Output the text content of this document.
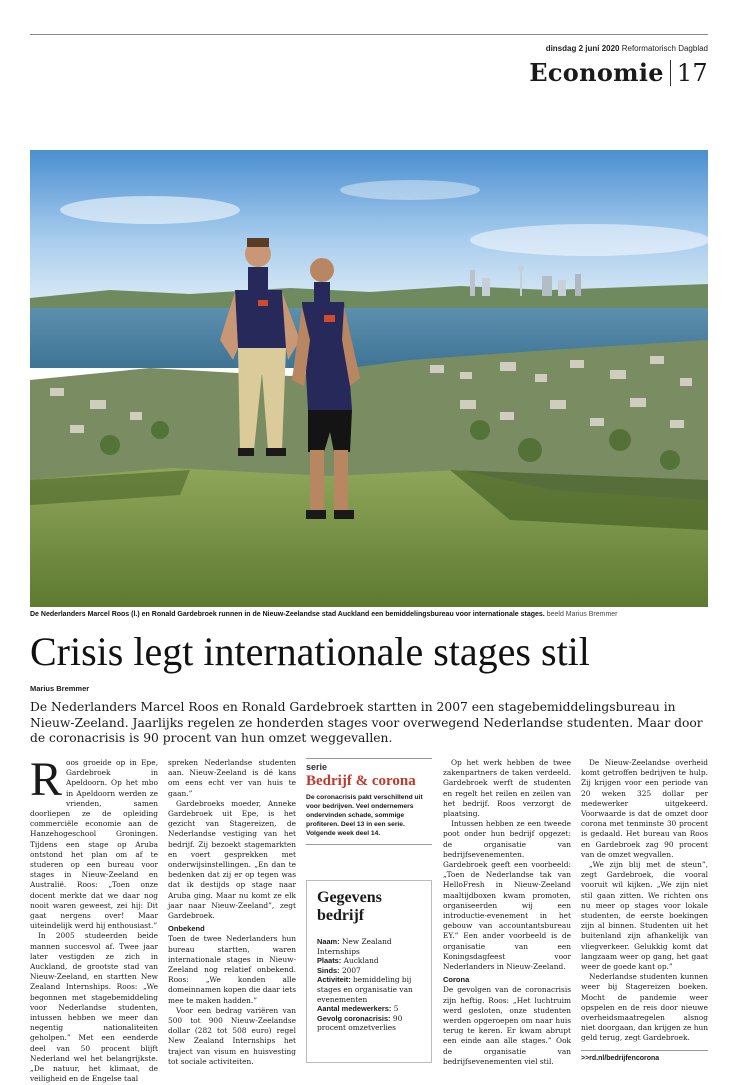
dinsdag 2 juni 2020 Reformatorisch Dagblad
Economie 17
De Nederlanders Marcel Roos (l.) en Ronald Gardebroek runnen in de Nieuw-Zeelandse stad Auckland een bemiddelingsbureau voor internationale stages. beeld Marius Bremmer
Crisis legt internationale stages stil
Marius Bremmer
De Nederlanders Marcel Roos en Ronald Gardebroek startten in 2007 een stagebemiddelingsbureau in Nieuw-Zeeland. Jaarlijks regelen ze honderden stages voor overwegend Nederlandse studenten. Maar door de coronacrisis is 90 procent van hun omzet weggevallen.

Roos groeide op in Epe, Gardebroek in Apeldoorn. Op het mbo in Apeldoorn werden ze vrienden, samen doorliepen ze de opleiding commerciële economie aan de Hanzehogeschool Groningen. Tijdens een stage op Aruba ontstond het plan om af te studeren op een bureau voor stages in Nieuw-Zeeland en Australië. Roos: „Toen onze docent merkte dat we daar nog nooit waren geweest, zei hij: Dit gaat nergens over! Maar uiteindelijk werd hij enthousiast.”

In 2005 studeerden beide mannen succesvol af. Twee jaar later vestigden ze zich in Auckland, de grootste stad van Nieuw-Zeeland, en startten New Zealand Internships. Roos: „We begonnen met stagebemiddeling voor Nederlandse studenten, intussen hebben we meer dan negentig nationaliteiten geholpen.” Met een eenderde deel van 50 procent blijft Nederland wel het belangrijkste. „De natuur, het klimaat, de veiligheid en de Engelse taal

spreken Nederlandse studenten aan. Nieuw-Zeeland is dé kans om eens echt ver van huis te gaan.”

Gardebroeks moeder, Anneke Gardebroek uit Epe, is het gezicht van Stagereizen, de Nederlandse vestiging van het bedrijf. Zij bezoekt stagemarkten en voert gesprekken met onderwijsinstellingen. „En dan te bedenken dat zij er op tegen was dat ik destijds op stage naar Aruba ging. Maar nu komt ze elk jaar naar Nieuw-Zeeland”, zegt Gardebroek.

Onbekend

Toen de twee Nederlanders hun bureau startten, waren internationale stages in Nieuw-Zeeland nog relatief onbekend. Roos: „We konden alle domeinnamen kopen die daar iets mee te maken hadden.”

Voor een bedrag variëren van 500 tot 900 Nieuw-Zeelandse dollar (282 tot 508 euro) regel New Zealand Internships het traject van visum en huisvesting tot sociale activiteiten.

serie
Bedrijf & corona
De coronacrisis pakt verschillend uit voor bedrijven. Veel ondernemers ondervinden schade, sommige profiteren. Deel 13 in een serie. Volgende week deel 14.
Gegevens bedrijf
Naam: New Zealand Internships
Plaats: Auckland
Sinds: 2007
Activiteit: bemiddeling bij stages en organisatie van evenementen
Aantal medewerkers: 5
Gevolg coronacrisis: 90 procent omzetverlies

Op het werk hebben de twee zakenpartners de taken verdeeld. Gardebroek werft de studenten en regelt het reilen en zeilen van het bedrijf. Roos verzorgt de plaatsing.

Intussen hebben ze een tweede poot onder hun bedrijf opgezet: de organisatie van bedrijfsevenementen. Gardebroek geeft een voorbeeld: „Toen de Nederlandse tak van HelloFresh in Nieuw-Zeeland maaltijdboxen kwam promoten, organiseerden wij een introductie-evenement in het gebouw van accountantsbureau EY.” Een ander voorbeeld is de organisatie van een Koningsdagfeest voor Nederlanders in Nieuw-Zeeland.

Corona

De gevolgen van de coronacrisis zijn heftig. Roos: „Het luchtruim werd gesloten, onze studenten werden opgeroepen om naar huis terug te keren. Er kwam abrupt een einde aan alle stages.” Ook de organisatie van bedrijfsevenementen viel stil.

De Nieuw-Zeelandse overheid komt getroffen bedrijven te hulp. Zij krijgen voor een periode van 20 weken 325 dollar per medewerker uitgekeerd. Voorwaarde is dat de omzet door corona met tenminste 30 procent is gedaald. Het bureau van Roos en Gardebroek zag 90 procent van de omzet wegvallen.

„We zijn blij met de steun”, zegt Gardebroek, die vooral vooruit wil kijken. „We zijn niet stil gaan zitten. We richten ons nu meer op stages voor lokale studenten, de eerste boekingen zijn al binnen. Studenten uit het buitenland zijn afhankelijk van vliegverkeer. Gelukkig komt dat langzaam weer op gang, het gaat weer de goede kant op.”

Nederlandse studenten kunnen weer bij Stagereizen boeken. Mocht de pandemie weer opspelen en de reis door nieuwe overheidsmaatregelen alsnog niet doorgaan, dan krijgen ze hun geld terug, zegt Gardebroek.

>>rd.nl/bedrijfencorona
